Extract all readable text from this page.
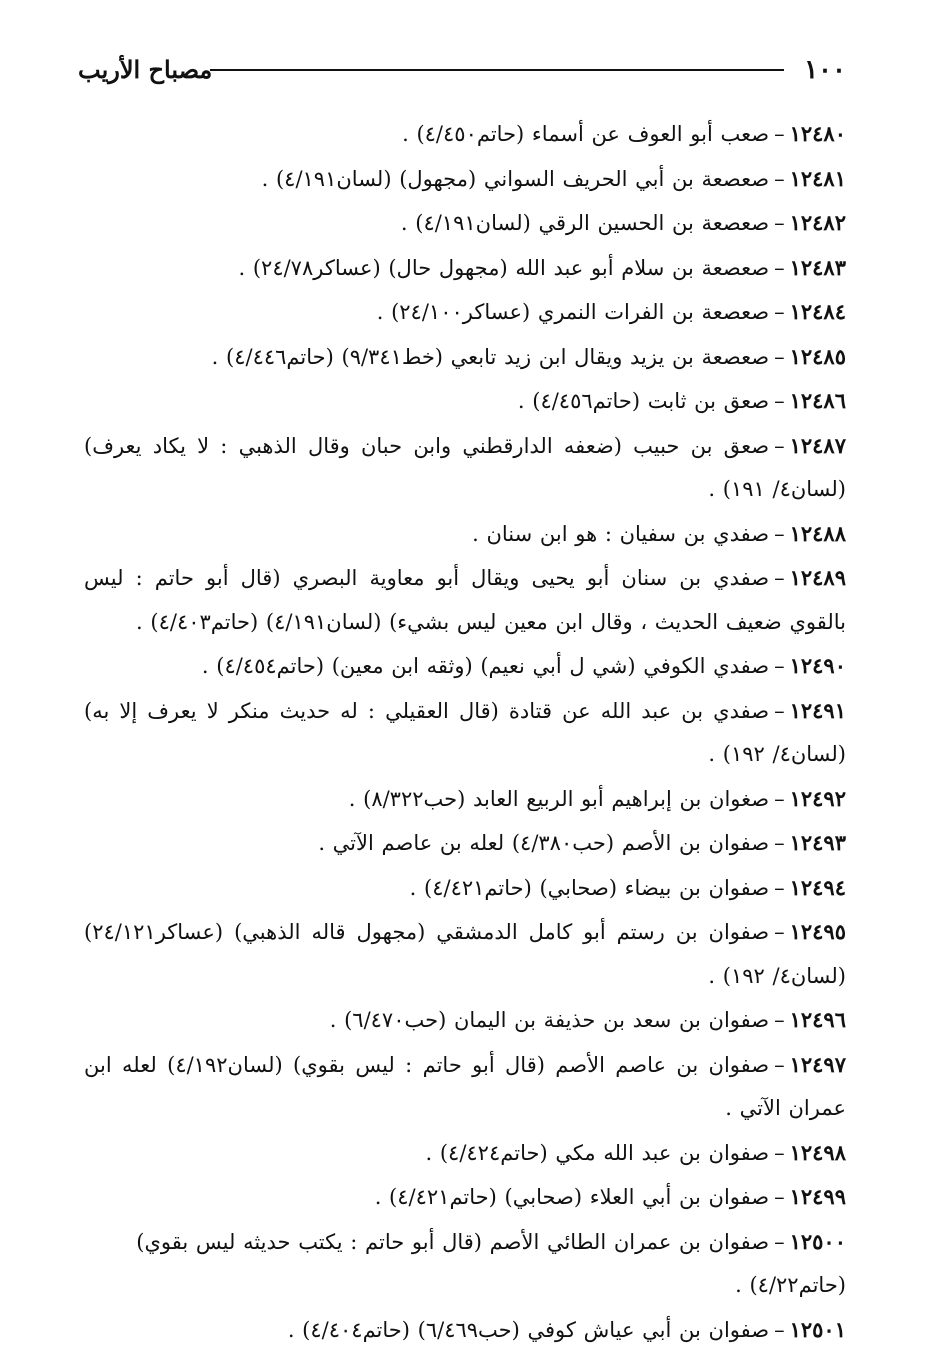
١٠٠
مصباح الأريب
١٢٤٨٠–صعب أبو العوف عن أسماء (حاتم٤/٤٥٠) .
١٢٤٨١–صعصعة بن أبي الحريف السواني (مجهول) (لسان٤/١٩١) .
١٢٤٨٢–صعصعة بن الحسين الرقي (لسان٤/١٩١) .
١٢٤٨٣–صعصعة بن سلام أبو عبد الله (مجهول حال) (عساكر٢٤/٧٨) .
١٢٤٨٤–صعصعة بن الفرات النمري (عساكر٢٤/١٠٠) .
١٢٤٨٥–صعصعة بن يزيد ويقال ابن زيد تابعي (خط٩/٣٤١) (حاتم٤/٤٤٦) .
١٢٤٨٦–صعق بن ثابت (حاتم٤/٤٥٦) .
١٢٤٨٧–صعق بن حبيب (ضعفه الدارقطني وابن حبان وقال الذهبي : لا يكاد يعرف) (لسان٤/ ١٩١) .
١٢٤٨٨–صفدي بن سفيان : هو ابن سنان .
١٢٤٨٩–صفدي بن سنان أبو يحيى ويقال أبو معاوية البصري (قال أبو حاتم : ليس بالقوي ضعيف الحديث ، وقال ابن معين ليس بشيء) (لسان٤/١٩١) (حاتم٤/٤٠٣) .
١٢٤٩٠–صفدي الكوفي (شي ل أبي نعيم) (وثقه ابن معين) (حاتم٤/٤٥٤) .
١٢٤٩١–صفدي بن عبد الله عن قتادة (قال العقيلي : له حديث منكر لا يعرف إلا به) (لسان٤/ ١٩٢) .
١٢٤٩٢–صغوان بن إبراهيم أبو الربيع العابد (حب٨/٣٢٢) .
١٢٤٩٣–صفوان بن الأصم (حب٤/٣٨٠) لعله بن عاصم الآتي .
١٢٤٩٤–صفوان بن بيضاء (صحابي) (حاتم٤/٤٢١) .
١٢٤٩٥–صفوان بن رستم أبو كامل الدمشقي (مجهول قاله الذهبي) (عساكر٢٤/١٢١) (لسان٤/ ١٩٢) .
١٢٤٩٦–صفوان بن سعد بن حذيفة بن اليمان (حب٦/٤٧٠) .
١٢٤٩٧–صفوان بن عاصم الأصم (قال أبو حاتم : ليس بقوي) (لسان٤/١٩٢) لعله ابن عمران الآتي .
١٢٤٩٨–صفوان بن عبد الله مكي (حاتم٤/٤٢٤) .
١٢٤٩٩–صفوان بن أبي العلاء (صحابي) (حاتم٤/٤٢١) .
١٢٥٠٠–صفوان بن عمران الطائي الأصم (قال أبو حاتم : يكتب حديثه ليس بقوي) (حاتم٤/٢٢) .
١٢٥٠١–صفوان بن أبي عياش كوفي (حب٦/٤٦٩) (حاتم٤/٤٠٤) .
